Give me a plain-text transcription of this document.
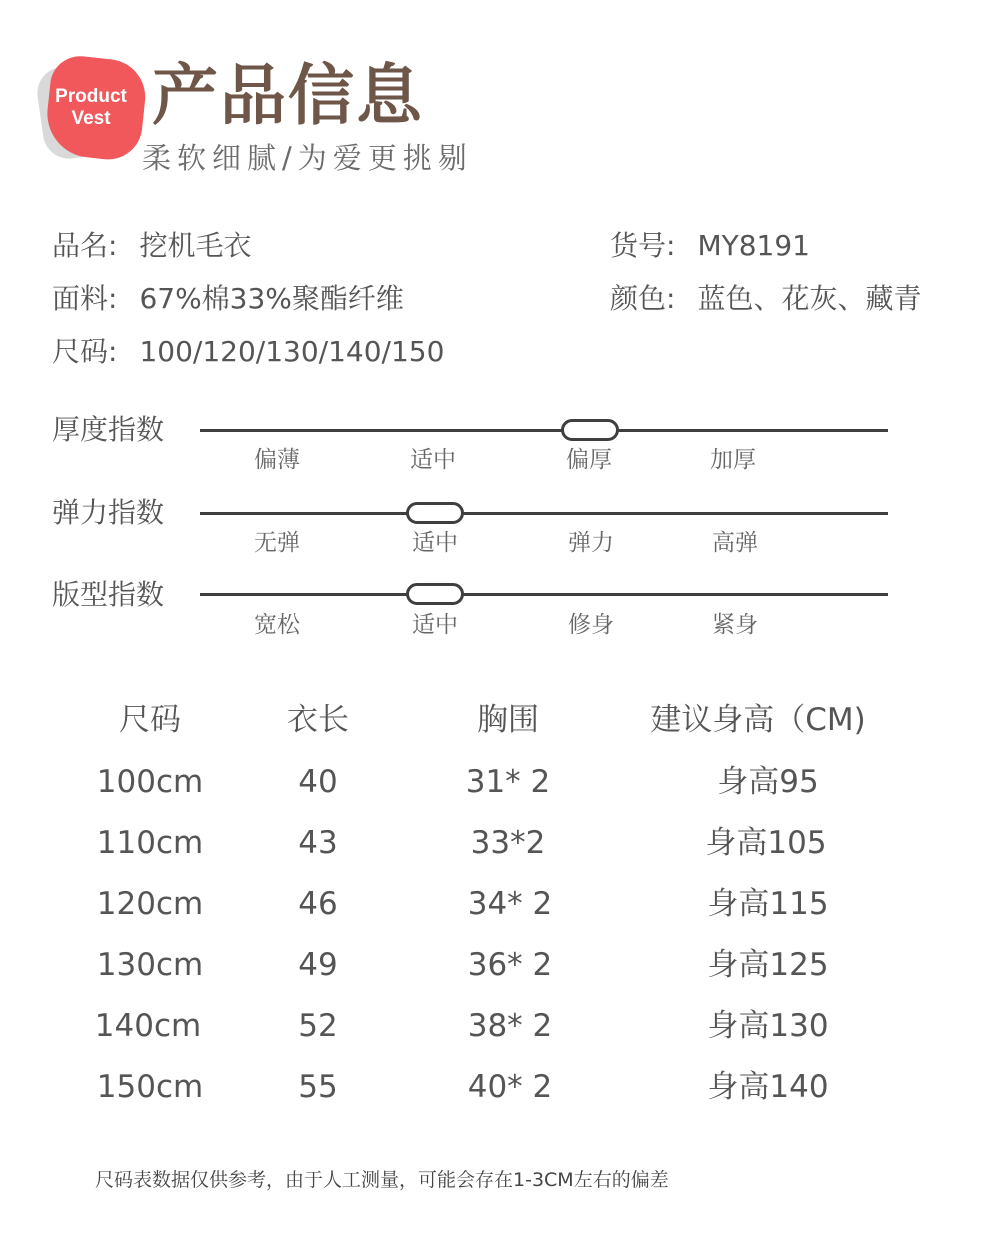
Product
Vest 产品信息
柔软细腻/为爱更挑剔
品名: 挖机毛衣	货号: MY8191
面料: 67%棉33%聚酯纤维	颜色: 蓝色、花灰、藏青
尺码: 100/120/130/140/150
厚度指数
偏薄	适中	偏厚	加厚
弹力指数
无弹	适中	弹力	高弹
版型指数
宽松	适中	修身	紧身
尺码	衣长	胸围	建议身高（CM)
100cm	40	31* 2	身高95
110cm	43	33*2	身高105
120cm	46	34* 2	身高115
130cm	49	36* 2	身高125
140cm	52	38* 2	身高130
150cm	55	40* 2	身高140
尺码表数据仅供参考，由于人工测量，可能会存在1-3CM左右的偏差
